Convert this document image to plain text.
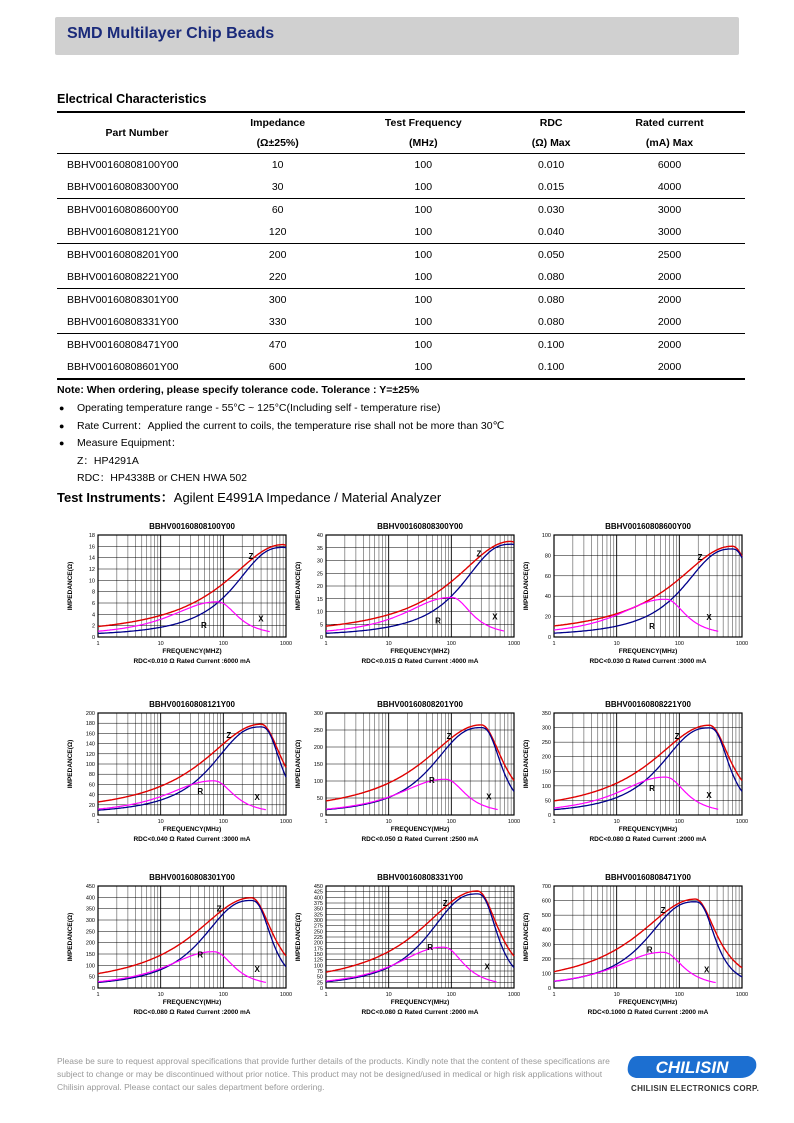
SMD Multilayer Chip Beads
Electrical Characteristics
Part Number	Impedance	Test Frequency	RDC	Rated current
	(Ω±25%)	(MHz)	(Ω) Max	(mA) Max
BBHV00160808100Y00	10	100	0.010	6000
BBHV00160808300Y00	30	100	0.015	4000
BBHV00160808600Y00	60	100	0.030	3000
BBHV00160808121Y00	120	100	0.040	3000
BBHV00160808201Y00	200	100	0.050	2500
BBHV00160808221Y00	220	100	0.080	2000
BBHV00160808301Y00	300	100	0.080	2000
BBHV00160808331Y00	330	100	0.080	2000
BBHV00160808471Y00	470	100	0.100	2000
BBHV00160808601Y00	600	100	0.100	2000
Note: When ordering, please specify tolerance code. Tolerance : Y=±25%
● Operating temperature range - 55°C ~ 125°C(Including self - temperature rise)
● Rate Current：Applied the current to coils, the temperature rise shall not be more than 30℃
● Measure Equipment：
Z：HP4291A
RDC：HP4338B or CHEN HWA 502
Test Instruments：Agilent E4991A Impedance / Material Analyzer
BBHV00160808100Y00
0
2
4
6
8
10
12
14
16
18
1	10	100	1000
FREQUENCY(MHZ)
IMPEDANCE(Ω)
RDC<0.010 Ω Rated Current :6000 mA
Z
R
X
BBHV00160808300Y00
0
5
10
15
20
25
30
35
40
1	10	100	1000
FREQUENCY(MHZ)
IMPEDANCE(Ω)
RDC<0.015 Ω Rated Current :4000 mA
Z
R	X
BBHV00160808600Y00
0
20
40
60
80
100
1	10	100	1000
FREQUENCY(MHz)
IMPEDANCE(Ω)
RDC<0.030 Ω Rated Current :3000 mA
Z
R
X
BBHV00160808121Y00
0
20
40
60
80
100
120
140
160
180
200
1	10	100	1000
FREQUENCY(MHz)
IMPEDANCE(Ω)
RDC<0.040 Ω Rated Current :3000 mA
Z
R
X
BBHV00160808201Y00
0
50
100
150
200
250
300
1	10	100	1000
FREQUENCY(MHz)
IMPEDANCE(Ω)
RDC<0.050 Ω Rated Current :2500 mA
Z
R
X
BBHV00160808221Y00
0
50
100
150
200
250
300
350
1	10	100	1000
FREQUENCY(MHz)
IMPEDANCE(Ω)
RDC<0.080 Ω Rated Current :2000 mA
Z
R
X
BBHV00160808301Y00
0
50
100
150
200
250
300
350
400
450
1	10	100	1000
FREQUENCY(MHz)
IMPEDANCE(Ω)
RDC<0.080 Ω Rated Current :2000 mA
Z
R
X
BBHV00160808331Y00
0
25
50
75
100
125
150
175
200
225
250
275
300
325
350
375
400
425
450
1	10	100	1000
FREQUENCY(MHz)
IMPEDANCE(Ω)
RDC<0.080 Ω Rated Current :2000 mA
Z
R
X
BBHV00160808471Y00
0
100
200
300
400
500
600
700
1	10	100	1000
FREQUENCY(MHz)
IMPEDANCE(Ω)
RDC<0.1000 Ω Rated Current :2000 mA
Z
R
X
Please be sure to request approval specifications that provide further details of the products. Kindly note that the content of these specifications are subject to change or may be discontinued without prior notice. This product may not be designed/used in medical or high risk applications without Chilisin approval. Please contact our sales department before ordering.
CHILISIN
CHILISIN ELECTRONICS CORP.
